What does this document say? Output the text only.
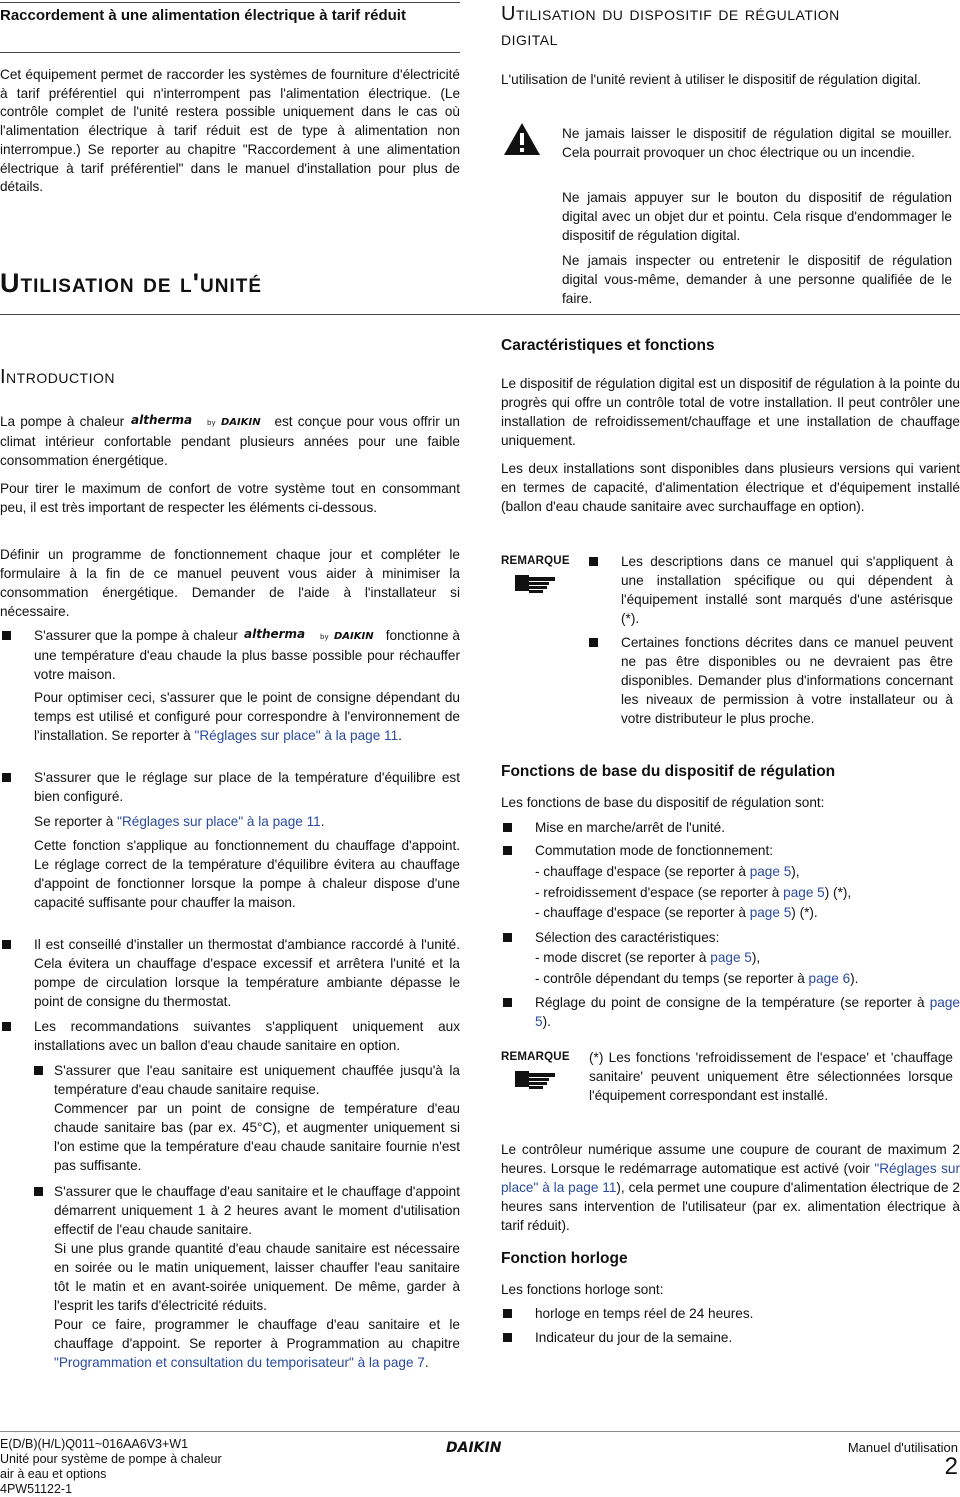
Raccordement à une alimentation électrique à tarif réduit

Cet équipement permet de raccorder les systèmes de fourniture d'électricité à tarif préférentiel qui n'interrompent pas l'alimentation électrique. (Le contrôle complet de l'unité restera possible uniquement dans le cas où l'alimentation électrique à tarif réduit est de type à alimentation non interrompue.) Se reporter au chapitre "Raccordement à une alimentation électrique à tarif préférentiel" dans le manuel d'installation pour plus de détails.

Utilisation de l'unité
Introduction

La pompe à chaleur altherma by DAIKIN est conçue pour vous offrir un climat intérieur confortable pendant plusieurs années pour une faible consommation énergétique.

Pour tirer le maximum de confort de votre système tout en consommant peu, il est très important de respecter les éléments ci-dessous.

Définir un programme de fonctionnement chaque jour et compléter le formulaire à la fin de ce manuel peuvent vous aider à minimiser la consommation énergétique. Demander de l'aide à l'installateur si nécessaire.

S'assurer que la pompe à chaleur altherma by DAIKIN fonctionne à une température d'eau chaude la plus basse possible pour réchauffer votre maison.

Pour optimiser ceci, s'assurer que le point de consigne dépendant du temps est utilisé et configuré pour correspondre à l'environnement de l'installation. Se reporter à "Réglages sur place" à la page 11.

S'assurer que le réglage sur place de la température d'équilibre est bien configuré.

Se reporter à "Réglages sur place" à la page 11.

Cette fonction s'applique au fonctionnement du chauffage d'appoint. Le réglage correct de la température d'équilibre évitera au chauffage d'appoint de fonctionner lorsque la pompe à chaleur dispose d'une capacité suffisante pour chauffer la maison.

Il est conseillé d'installer un thermostat d'ambiance raccordé à l'unité. Cela évitera un chauffage d'espace excessif et arrêtera l'unité et la pompe de circulation lorsque la température ambiante dépasse le point de consigne du thermostat.
Les recommandations suivantes s'appliquent uniquement aux installations avec un ballon d'eau chaude sanitaire en option.
S'assurer que l'eau sanitaire est uniquement chauffée jusqu'à la température d'eau chaude sanitaire requise.
Commencer par un point de consigne de température d'eau chaude sanitaire bas (par ex. 45°C), et augmenter uniquement si l'on estime que la température d'eau chaude sanitaire fournie n'est pas suffisante.
S'assurer que le chauffage d'eau sanitaire et le chauffage d'appoint démarrent uniquement 1 à 2 heures avant le moment d'utilisation effectif de l'eau chaude sanitaire.
Si une plus grande quantité d'eau chaude sanitaire est nécessaire en soirée ou le matin uniquement, laisser chauffer l'eau sanitaire tôt le matin et en avant-soirée uniquement. De même, garder à l'esprit les tarifs d'électricité réduits.
Pour ce faire, programmer le chauffage d'eau sanitaire et le chauffage d'appoint. Se reporter à Programmation au chapitre "Programmation et consultation du temporisateur" à la page 7.
Utilisation du dispositif de régulation digital

L'utilisation de l'unité revient à utiliser le dispositif de régulation digital.

Ne jamais laisser le dispositif de régulation digital se mouiller. Cela pourrait provoquer un choc électrique ou un incendie.

Ne jamais appuyer sur le bouton du dispositif de régulation digital avec un objet dur et pointu. Cela risque d'endommager le dispositif de régulation digital.

Ne jamais inspecter ou entretenir le dispositif de régulation digital vous-même, demander à une personne qualifiée de le faire.

Caractéristiques et fonctions

Le dispositif de régulation digital est un dispositif de régulation à la pointe du progrès qui offre un contrôle total de votre installation. Il peut contrôler une installation de refroidissement/chauffage et une installation de chauffage uniquement.

Les deux installations sont disponibles dans plusieurs versions qui varient en termes de capacité, d'alimentation électrique et d'équipement installé (ballon d'eau chaude sanitaire avec surchauffage en option).

REMARQUE	Les descriptions dans ce manuel qui s'appliquent à une installation spécifique ou qui dépendent à l'équipement installé sont marqués d'une astérisque (*).
Certaines fonctions décrites dans ce manuel peuvent ne pas être disponibles ou ne devraient pas être disponibles. Demander plus d'informations concernant les niveaux de permission à votre installateur ou à votre distributeur le plus proche.
Fonctions de base du dispositif de régulation

Les fonctions de base du dispositif de régulation sont:

Mise en marche/arrêt de l'unité.
Commutation mode de fonctionnement:

- chauffage d'espace (se reporter à page 5),

- refroidissement d'espace (se reporter à page 5) (*),

- chauffage d'espace (se reporter à page 5) (*).

Sélection des caractéristiques:

- mode discret (se reporter à page 5),

- contrôle dépendant du temps (se reporter à page 6).

Réglage du point de consigne de la température (se reporter à page 5).
REMARQUE (*) Les fonctions 'refroidissement de l'espace' et 'chauffage sanitaire' peuvent uniquement être sélectionnées lorsque l'équipement correspondant est installé.

Le contrôleur numérique assume une coupure de courant de maximum 2 heures. Lorsque le redémarrage automatique est activé (voir "Réglages sur place" à la page 11), cela permet une coupure d'alimentation électrique de 2 heures sans intervention de l'utilisateur (par ex. alimentation électrique à tarif réduit).

Fonction horloge

Les fonctions horloge sont:

horloge en temps réel de 24 heures.
Indicateur du jour de la semaine.
E(D/B)(H/L)Q011~016AA6V3+W1
Unité pour système de pompe à chaleur
air à eau et options
4PW51122-1
DAIKIN	Manuel d'utilisation
2
